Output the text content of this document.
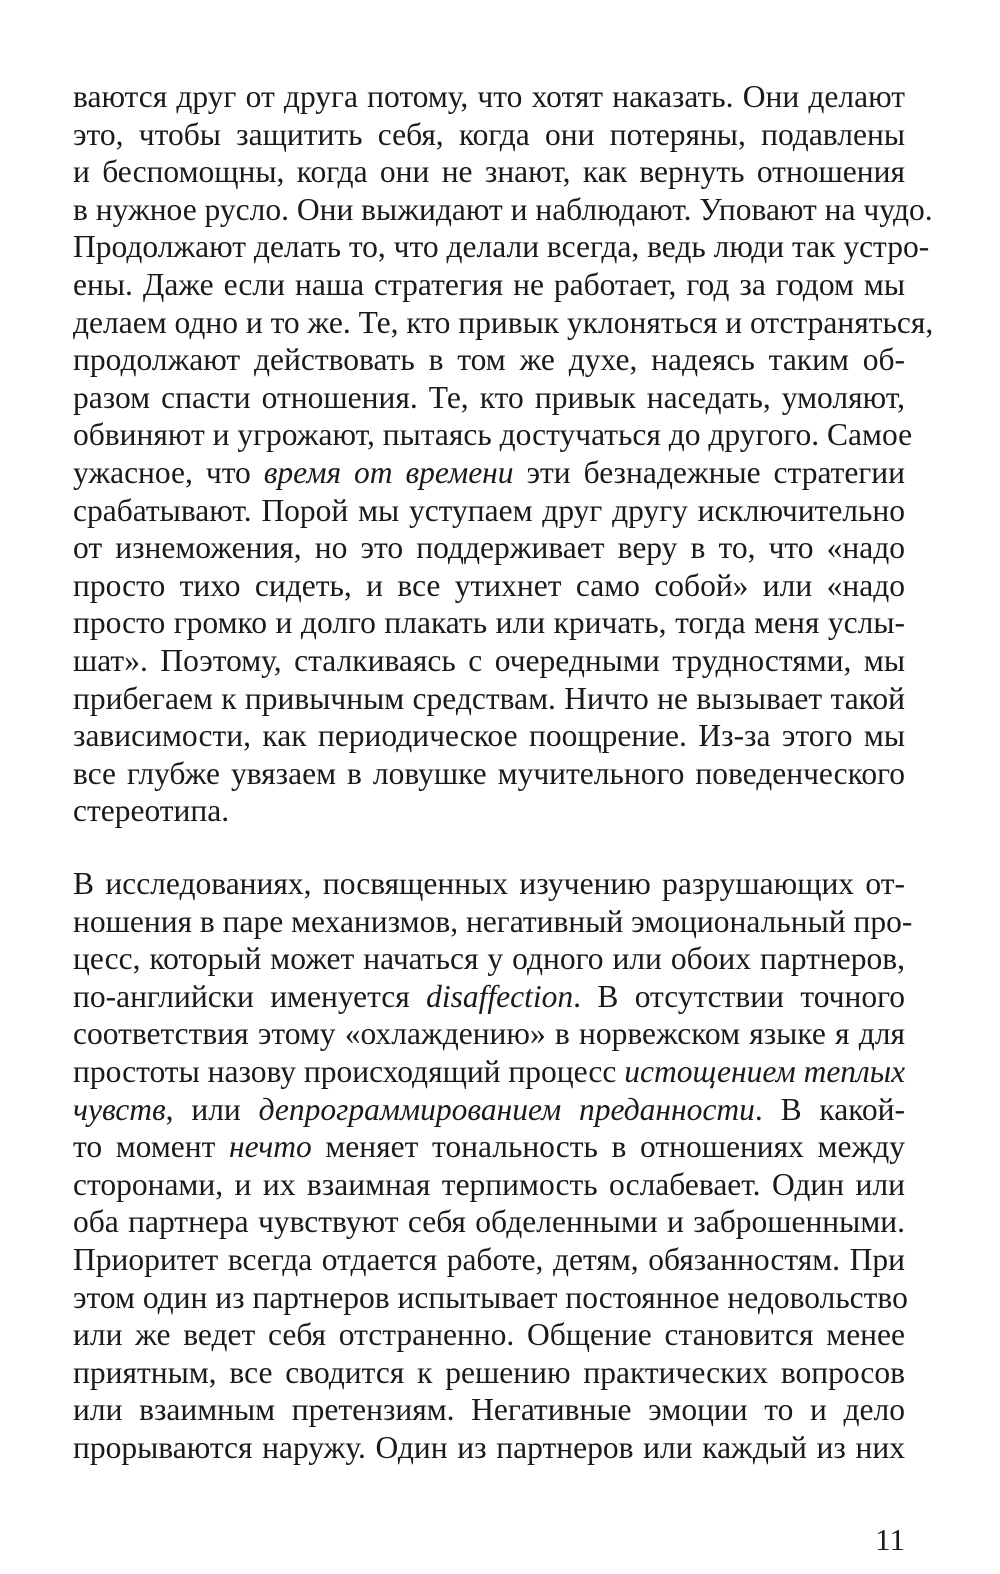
ваются друг от друга потому, что хотят наказать. Они делают
это, чтобы защитить себя, когда они потеряны, подавлены
и беспомощны, когда они не знают, как вернуть отношения
в нужное русло. Они выжидают и наблюдают. Уповают на чудо.
Продолжают делать то, что делали всегда, ведь люди так устро-
ены. Даже если наша стратегия не работает, год за годом мы
делаем одно и то же. Те, кто привык уклоняться и отстраняться,
продолжают действовать в том же духе, надеясь таким об-
разом спасти отношения. Те, кто привык наседать, умоляют,
обвиняют и угрожают, пытаясь достучаться до другого. Самое
ужасное, что время от времени эти безнадежные стратегии
срабатывают. Порой мы уступаем друг другу исключительно
от изнеможения, но это поддерживает веру в то, что «надо
просто тихо сидеть, и все утихнет само собой» или «надо
просто громко и долго плакать или кричать, тогда меня услы-
шат». Поэтому, сталкиваясь с очередными трудностями, мы
прибегаем к привычным средствам. Ничто не вызывает такой
зависимости, как периодическое поощрение. Из-за этого мы
все глубже увязаем в ловушке мучительного поведенческого
стереотипа.
В исследованиях, посвященных изучению разрушающих от-
ношения в паре механизмов, негативный эмоциональный про-
цесс, который может начаться у одного или обоих партнеров,
по-английски именуется disaffection. В отсутствии точного
соответствия этому «охлаждению» в норвежском языке я для
простоты назову происходящий процесс истощением теплых
чувств, или депрограммированием преданности. В какой-
то момент нечто меняет тональность в отношениях между
сторонами, и их взаимная терпимость ослабевает. Один или
оба партнера чувствуют себя обделенными и заброшенными.
Приоритет всегда отдается работе, детям, обязанностям. При
этом один из партнеров испытывает постоянное недовольство
или же ведет себя отстраненно. Общение становится менее
приятным, все сводится к решению практических вопросов
или взаимным претензиям. Негативные эмоции то и дело
прорываются наружу. Один из партнеров или каждый из них
11
